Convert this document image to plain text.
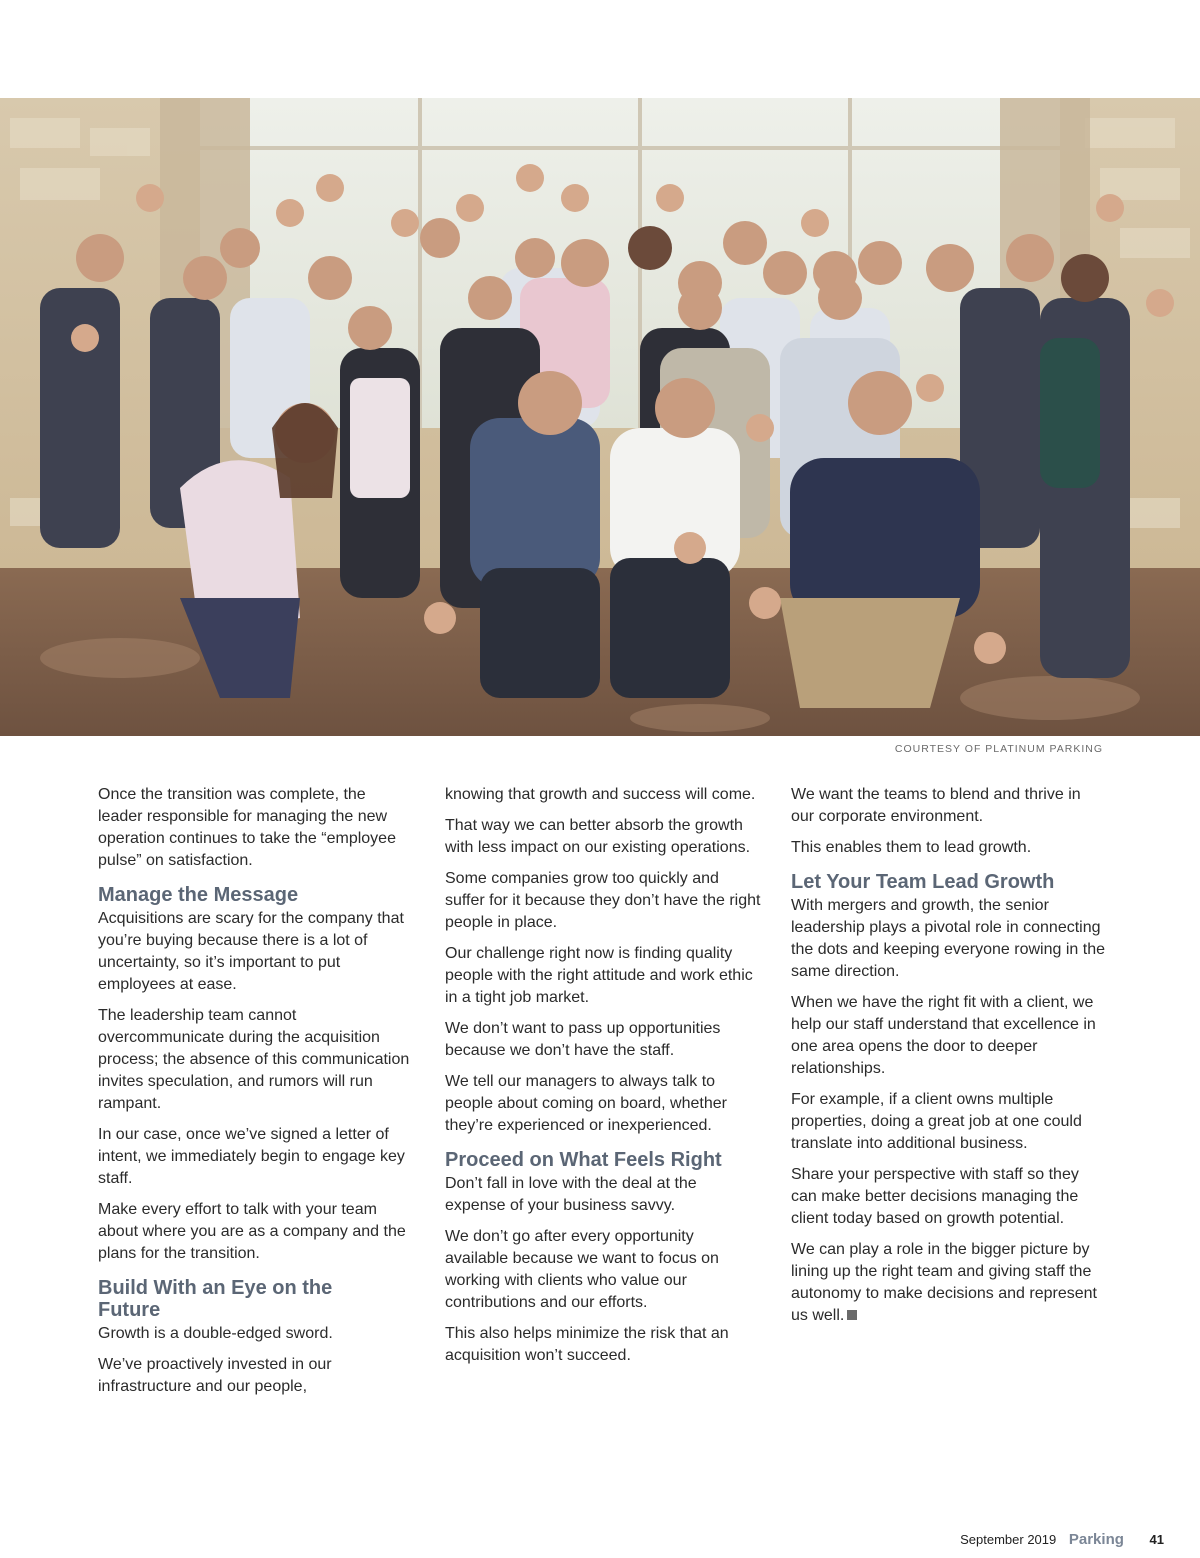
COURTESY OF PLATINUM PARKING

Once the transition was complete, the leader responsible for managing the new operation continues to take the “employee pulse” on satisfaction.

Manage the Message

Acquisitions are scary for the company that you’re buying because there is a lot of uncertainty, so it’s important to put employees at ease.

The leadership team cannot overcommunicate during the acquisition process; the absence of this communication invites speculation, and rumors will run rampant.

In our case, once we’ve signed a letter of intent, we immediately begin to engage key staff.

Make every effort to talk with your team about where you are as a company and the plans for the transition.

Build With an Eye on the Future

Growth is a double-edged sword.

We’ve proactively invested in our infrastructure and our people,

knowing that growth and success will come.

That way we can better absorb the growth with less impact on our existing operations.

Some companies grow too quickly and suffer for it because they don’t have the right people in place.

Our challenge right now is finding quality people with the right attitude and work ethic in a tight job market.

We don’t want to pass up opportunities because we don’t have the staff.

We tell our managers to always talk to people about coming on board, whether they’re experienced or inexperienced.

Proceed on What Feels Right

Don’t fall in love with the deal at the expense of your business savvy.

We don’t go after every opportunity available because we want to focus on working with clients who value our contributions and our efforts.

This also helps minimize the risk that an acquisition won’t succeed.

We want the teams to blend and thrive in our corporate environment.

This enables them to lead growth.

Let Your Team Lead Growth

With mergers and growth, the senior leadership plays a pivotal role in connecting the dots and keeping everyone rowing in the same direction.

When we have the right fit with a client, we help our staff understand that excellence in one area opens the door to deeper relationships.

For example, if a client owns multiple properties, doing a great job at one could translate into additional business.

Share your perspective with staff so they can make better decisions managing the client today based on growth potential.

We can play a role in the bigger picture by lining up the right team and giving staff the autonomy to make decisions and represent us well.

September 2019 Parking 41
